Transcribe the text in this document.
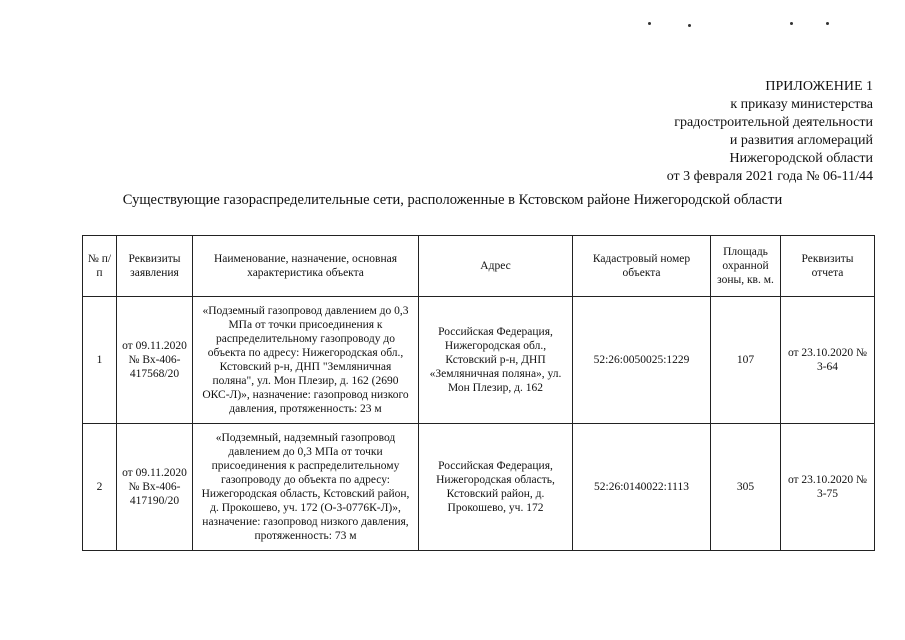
ПРИЛОЖЕНИЕ 1
к приказу министерства
градостроительной деятельности
и развития агломераций
Нижегородской области
от 3 февраля 2021 года № 06-11/44
Существующие газораспределительные сети, расположенные в Кстовском районе Нижегородской области
№ п/п	Реквизиты заявления	Наименование, назначение, основная характеристика объекта	Адрес	Кадастровый номер объекта	Площадь охранной зоны, кв. м.	Реквизиты отчета
1	от 09.11.2020 № Вх-406-417568/20	«Подземный газопровод давлением до 0,3 МПа от точки присоединения к распределительному газопроводу до объекта по адресу: Нижегородская обл., Кстовский р-н, ДНП "Земляничная поляна", ул. Мон Плезир, д. 162 (2690 ОКС-Л)», назначение: газопровод низкого давления, протяженность: 23 м	Российская Федерация, Нижегородская обл., Кстовский р-н, ДНП «Земляничная поляна», ул. Мон Плезир, д. 162	52:26:0050025:1229	107	от 23.10.2020 № 3-64
2	от 09.11.2020 № Вх-406-417190/20	«Подземный, надземный газопровод давлением до 0,3 МПа от точки присоединения к распределительному газопроводу до объекта по адресу: Нижегородская область, Кстовский район, д. Прокошево, уч. 172 (О-3-0776К-Л)», назначение: газопровод низкого давления, протяженность: 73 м	Российская Федерация, Нижегородская область, Кстовский район, д. Прокошево, уч. 172	52:26:0140022:1113	305	от 23.10.2020 № 3-75
